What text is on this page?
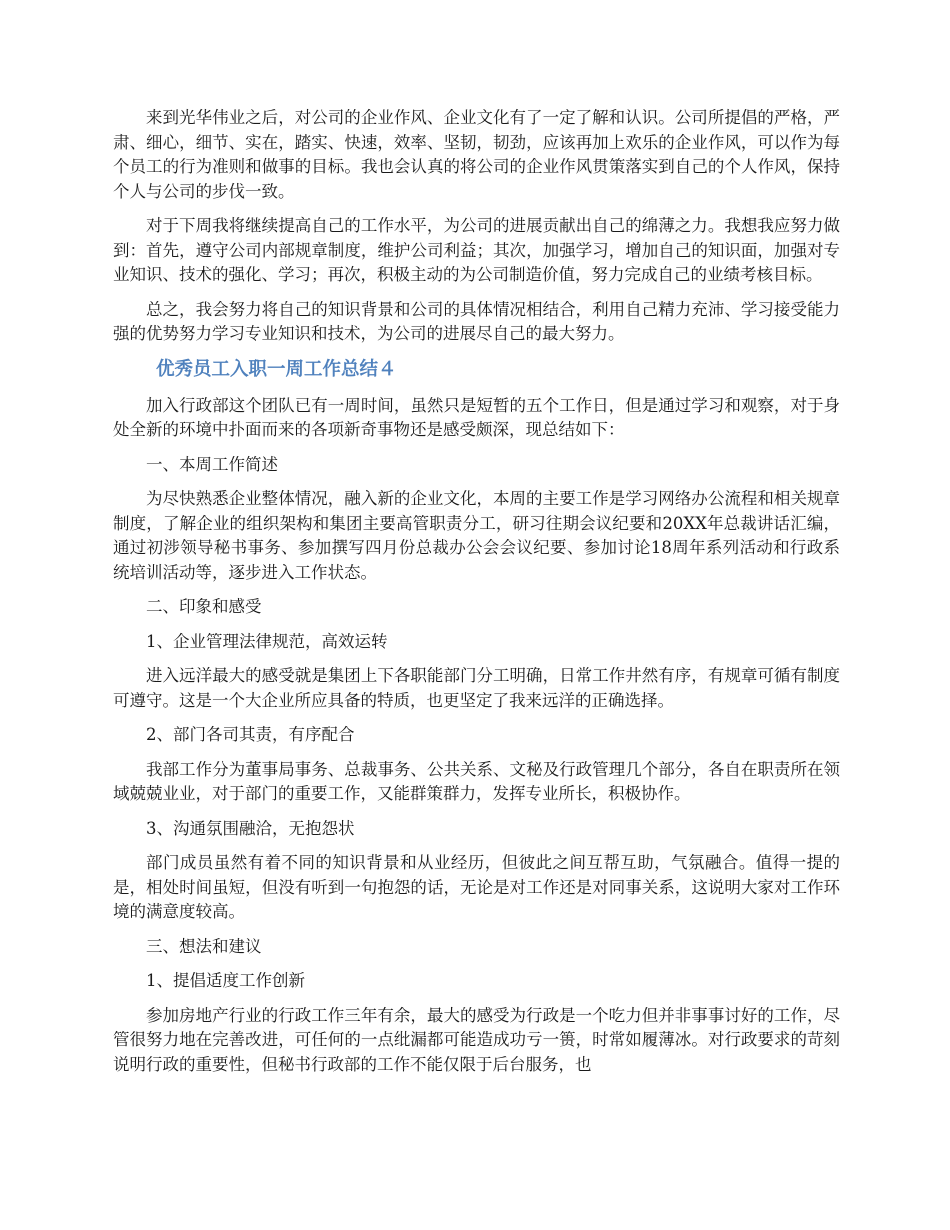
来到光华伟业之后，对公司的企业作风、企业文化有了一定了解和认识。公司所提倡的严格，严肃、细心，细节、实在，踏实、快速，效率、坚韧，韧劲，应该再加上欢乐的企业作风，可以作为每个员工的行为准则和做事的目标。我也会认真的将公司的企业作风贯策落实到自己的个人作风，保持个人与公司的步伐一致。

对于下周我将继续提高自己的工作水平，为公司的进展贡献出自己的绵薄之力。我想我应努力做到：首先，遵守公司内部规章制度，维护公司利益；其次，加强学习，增加自己的知识面，加强对专业知识、技术的强化、学习；再次，积极主动的为公司制造价值，努力完成自己的业绩考核目标。

总之，我会努力将自己的知识背景和公司的具体情况相结合，利用自己精力充沛、学习接受能力强的优势努力学习专业知识和技术，为公司的进展尽自己的最大努力。

优秀员工入职一周工作总结４

加入行政部这个团队已有一周时间，虽然只是短暂的五个工作日，但是通过学习和观察，对于身处全新的环境中扑面而来的各项新奇事物还是感受颇深，现总结如下：

一、本周工作简述

为尽快熟悉企业整体情况，融入新的企业文化，本周的主要工作是学习网络办公流程和相关规章制度，了解企业的组织架构和集团主要高管职责分工，研习往期会议纪要和20XX年总裁讲话汇编，通过初涉领导秘书事务、参加撰写四月份总裁办公会会议纪要、参加讨论18周年系列活动和行政系统培训活动等，逐步进入工作状态。

二、印象和感受

1、企业管理法律规范，高效运转

进入远洋最大的感受就是集团上下各职能部门分工明确，日常工作井然有序，有规章可循有制度可遵守。这是一个大企业所应具备的特质，也更坚定了我来远洋的正确选择。

2、部门各司其责，有序配合

我部工作分为董事局事务、总裁事务、公共关系、文秘及行政管理几个部分，各自在职责所在领域兢兢业业，对于部门的重要工作，又能群策群力，发挥专业所长，积极协作。

3、沟通氛围融洽，无抱怨状

部门成员虽然有着不同的知识背景和从业经历，但彼此之间互帮互助，气氛融合。值得一提的是，相处时间虽短，但没有听到一句抱怨的话，无论是对工作还是对同事关系，这说明大家对工作环境的满意度较高。

三、想法和建议

1、提倡适度工作创新

参加房地产行业的行政工作三年有余，最大的感受为行政是一个吃力但并非事事讨好的工作，尽管很努力地在完善改进，可任何的一点纰漏都可能造成功亏一篑，时常如履薄冰。对行政要求的苛刻说明行政的重要性，但秘书行政部的工作不能仅限于后台服务，也
